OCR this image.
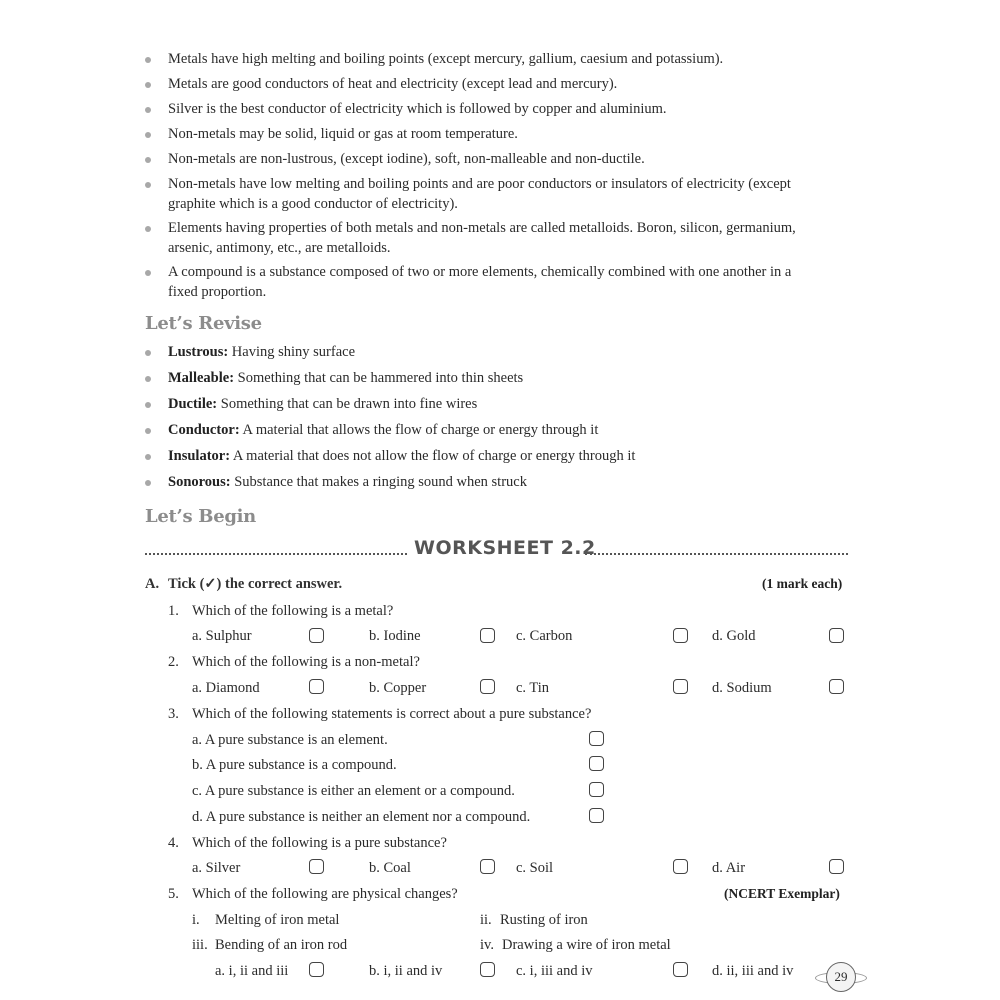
Metals have high melting and boiling points (except mercury, gallium, caesium and potassium).
Metals are good conductors of heat and electricity (except lead and mercury).
Silver is the best conductor of electricity which is followed by copper and aluminium.
Non-metals may be solid, liquid or gas at room temperature.
Non-metals are non-lustrous, (except iodine), soft, non-malleable and non-ductile.
Non-metals have low melting and boiling points and are poor conductors or insulators of electricity (except
graphite which is a good conductor of electricity).
Elements having properties of both metals and non-metals are called metalloids. Boron, silicon, germanium,
arsenic, antimony, etc., are metalloids.
A compound is a substance composed of two or more elements, chemically combined with one another in a
fixed proportion.
Let’s Revise
Lustrous: Having shiny surface
Malleable: Something that can be hammered into thin sheets
Ductile: Something that can be drawn into fine wires
Conductor: A material that allows the flow of charge or energy through it
Insulator: A material that does not allow the flow of charge or energy through it
Sonorous: Substance that makes a ringing sound when struck
Let’s Begin
WORKSHEET 2.2
A. Tick (✓) the correct answer.	(1 mark each)
1. Which of the following is a metal?
a. Sulphur	b. Iodine	c. Carbon	d. Gold
2. Which of the following is a non-metal?
a. Diamond	b. Copper	c. Tin	d. Sodium
3. Which of the following statements is correct about a pure substance?
a. A pure substance is an element.
b. A pure substance is a compound.
c. A pure substance is either an element or a compound.
d. A pure substance is neither an element nor a compound.
4. Which of the following is a pure substance?
a. Silver	b. Coal	c. Soil	d. Air
5. Which of the following are physical changes?	(NCERT Exemplar)
i. Melting of iron metal	ii. Rusting of iron
iii. Bending of an iron rod	iv. Drawing a wire of iron metal
a. i, ii and iii	b. i, ii and iv	c. i, iii and iv	d. ii, iii and iv	29
